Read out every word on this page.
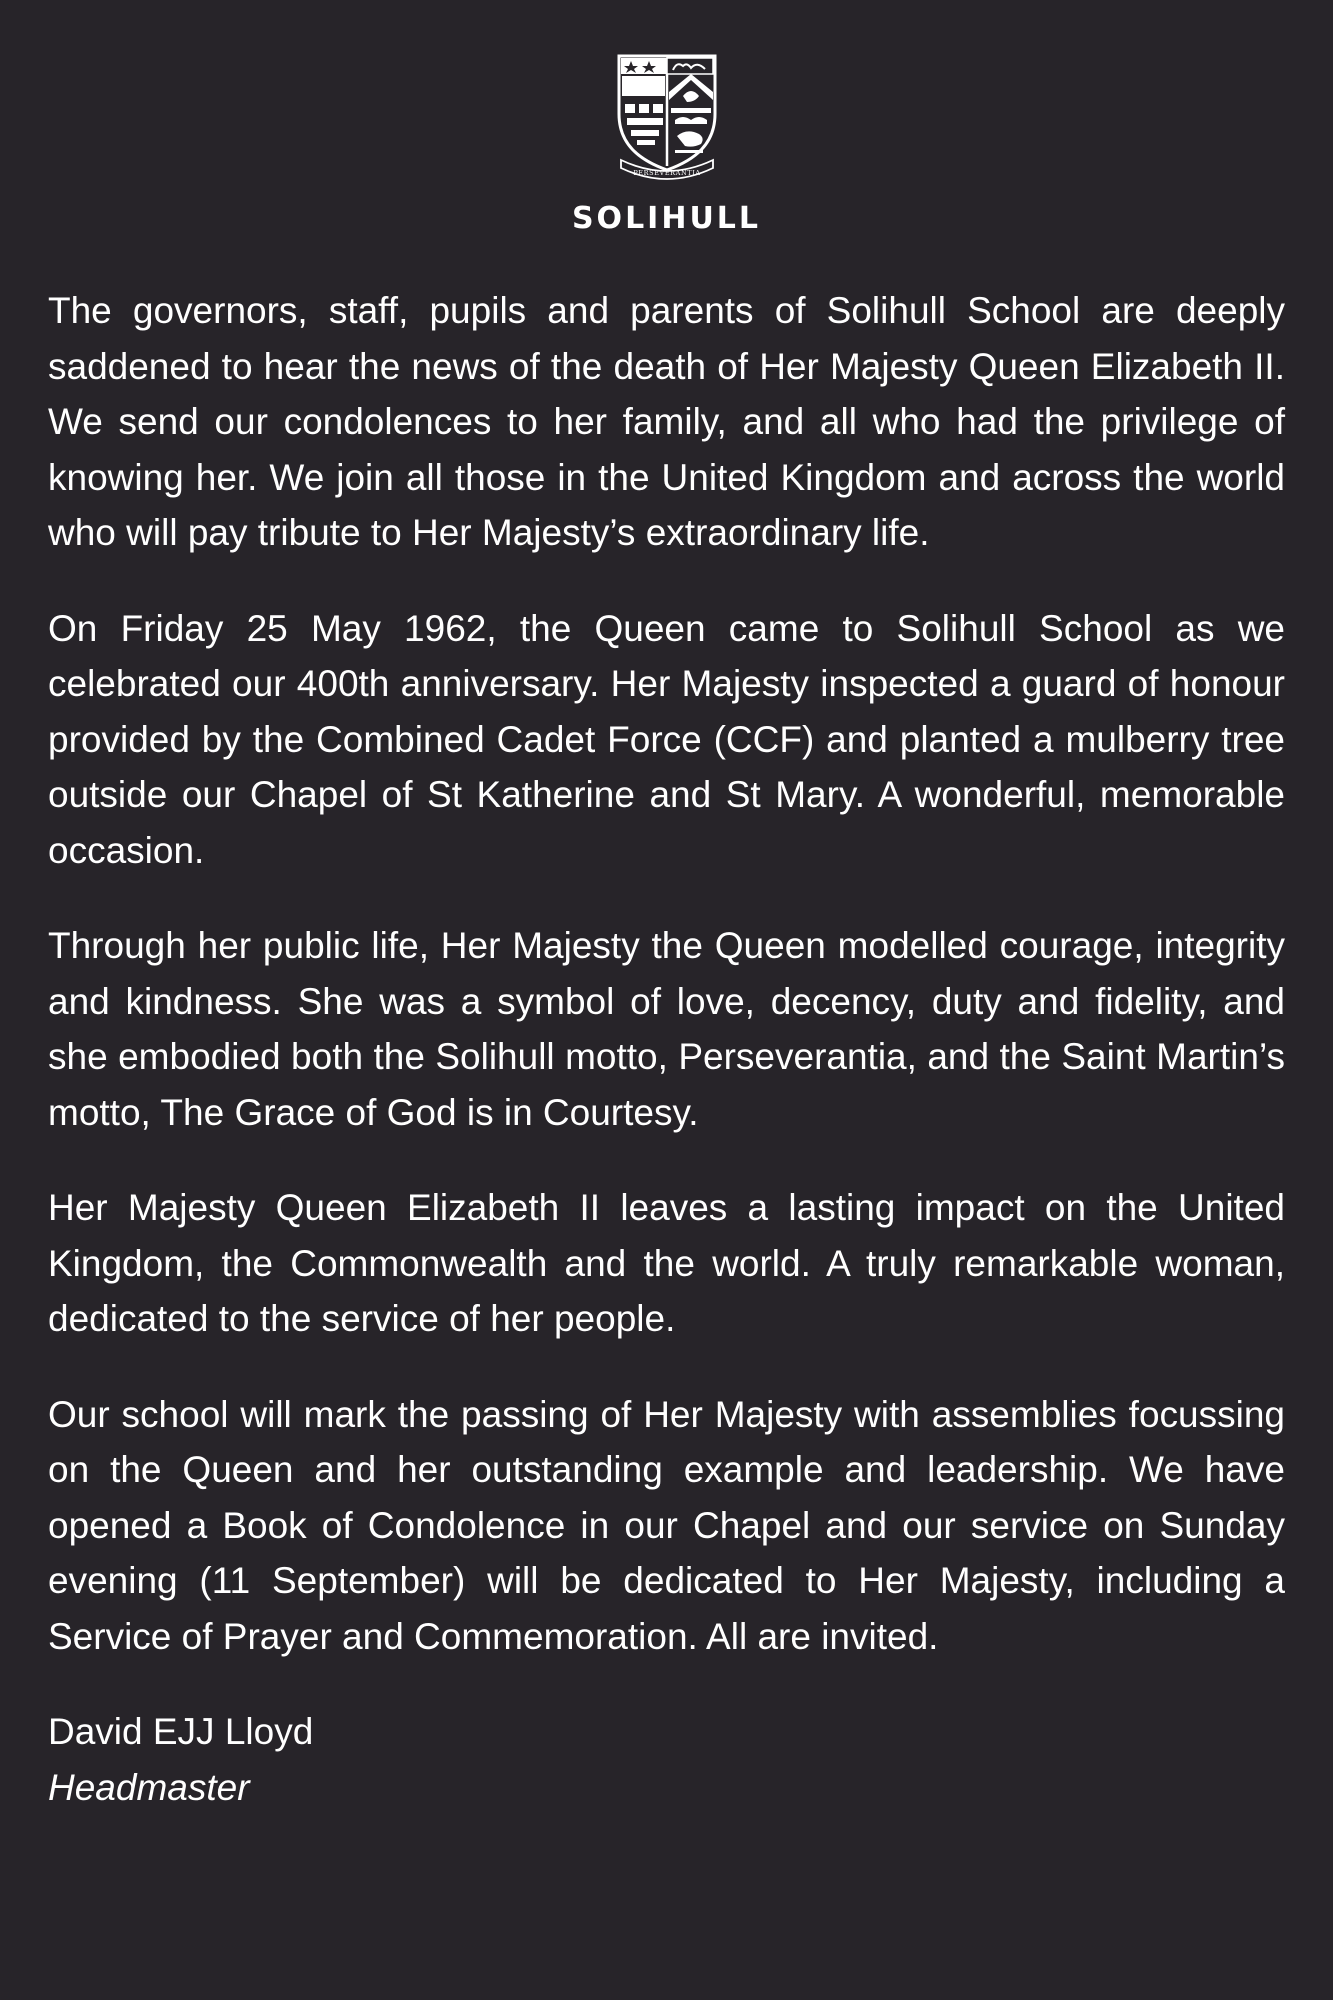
PERSEVERANTIA
SOLIHULL

The governors, staff, pupils and parents of Solihull School are deeply saddened to hear the news of the death of Her Majesty Queen Elizabeth II. We send our condolences to her family, and all who had the privilege of knowing her. We join all those in the United Kingdom and across the world who will pay tribute to Her Majesty’s extraordinary life.

On Friday 25 May 1962, the Queen came to Solihull School as we celebrated our 400th anniversary. Her Majesty inspected a guard of honour provided by the Combined Cadet Force (CCF) and planted a mulberry tree outside our Chapel of St Katherine and St Mary. A wonderful, memorable occasion.

Through her public life, Her Majesty the Queen modelled courage, integrity and kindness. She was a symbol of love, decency, duty and fidelity, and she embodied both the Solihull motto, Perseverantia, and the Saint Martin’s motto, The Grace of God is in Courtesy.

Her Majesty Queen Elizabeth II leaves a lasting impact on the United Kingdom, the Commonwealth and the world. A truly remarkable woman, dedicated to the service of her people.

Our school will mark the passing of Her Majesty with assemblies focussing on the Queen and her outstanding example and leadership. We have opened a Book of Condolence in our Chapel and our service on Sunday evening (11 September) will be dedicated to Her Majesty, including a Service of Prayer and Commemoration. All are invited.

David EJJ Lloyd

Headmaster
